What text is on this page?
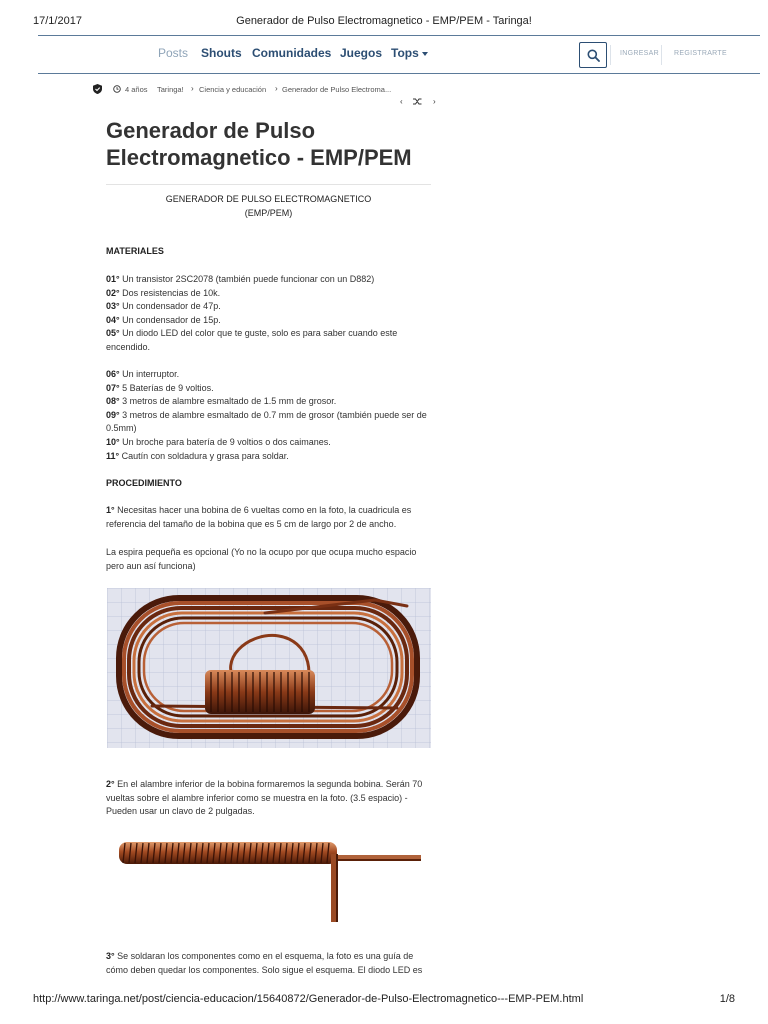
17/1/2017	Generador de Pulso Electromagnetico - EMP/PEM - Taringa!
Posts Shouts Comunidades Juegos Tops	INGRESAR REGISTRARTE
4 años Taringa! › Ciencia y educación › Generador de Pulso Electroma...
‹	›
Generador de Pulso Electromagnetico - EMP/PEM
GENERADOR DE PULSO ELECTROMAGNETICO
(EMP/PEM)
MATERIALES
01° Un transistor 2SC2078 (también puede funcionar con un D882)
02° Dos resistencias de 10k.
03° Un condensador de 47p.
04° Un condensador de 15p.
05° Un diodo LED del color que te guste, solo es para saber cuando este encendido.
06° Un interruptor.
07° 5 Baterías de 9 voltios.
08° 3 metros de alambre esmaltado de 1.5 mm de grosor.
09° 3 metros de alambre esmaltado de 0.7 mm de grosor (también puede ser de 0.5mm)
10° Un broche para batería de 9 voltios o dos caimanes.
11° Cautín con soldadura y grasa para soldar.
PROCEDIMIENTO
1° Necesitas hacer una bobina de 6 vueltas como en la foto, la cuadricula es referencia del tamaño de la bobina que es 5 cm de largo por 2 de ancho.
La espira pequeña es opcional (Yo no la ocupo por que ocupa mucho espacio pero aun así funciona)
2° En el alambre inferior de la bobina formaremos la segunda bobina. Serán 70 vueltas sobre el alambre inferior como se muestra en la foto. (3.5 espacio) - Pueden usar un clavo de 2 pulgadas.
3° Se soldaran los componentes como en el esquema, la foto es una guía de cómo deben quedar los componentes. Solo sigue el esquema. El diodo LED es
http://www.taringa.net/post/ciencia-educacion/15640872/Generador-de-Pulso-Electromagnetico---EMP-PEM.html	1/8
